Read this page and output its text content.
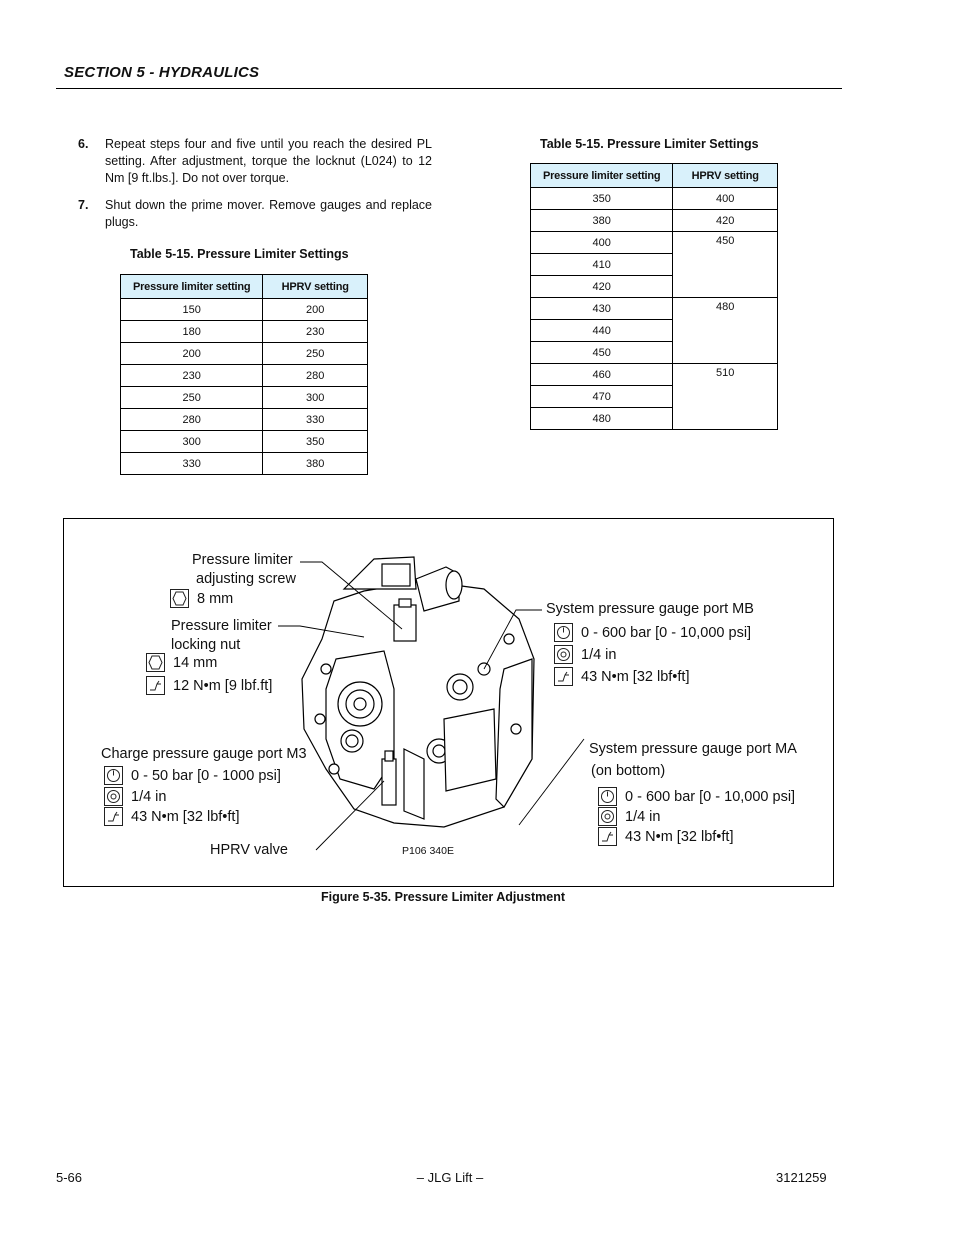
SECTION 5 - HYDRAULICS
6.	Repeat steps four and five until you reach the desired PL setting. After adjustment, torque the locknut (L024) to 12 Nm [9 ft.lbs.]. Do not over torque.
7.	Shut down the prime mover. Remove gauges and replace plugs.
Table 5-15. Pressure Limiter Settings
Pressure limiter setting	HPRV setting
150	200
180	230
200	250
230	280
250	300
280	330
300	350
330	380
Table 5-15. Pressure Limiter Settings
Pressure limiter setting	HPRV setting
350	400
380	420
400	450
410	
420	
430	480
440	
450	
460	510
470	
480	
Pressure limiter
adjusting screw
8 mm
Pressure limiter
locking nut
14 mm
12 N•m [9 lbf.ft]
Charge pressure gauge port M3
0 - 50 bar [0 - 1000 psi]
1/4 in
43 N•m [32 lbf•ft]
HPRV valve	P106 340E
System pressure gauge port MB
0 - 600 bar [0 - 10,000 psi]
1/4 in
43 N•m [32 lbf•ft]
System pressure gauge port MA
(on bottom)
0 - 600 bar [0 - 10,000 psi]
1/4 in
43 N•m [32 lbf•ft]
Figure 5-35. Pressure Limiter Adjustment
5-66	– JLG Lift –	3121259
